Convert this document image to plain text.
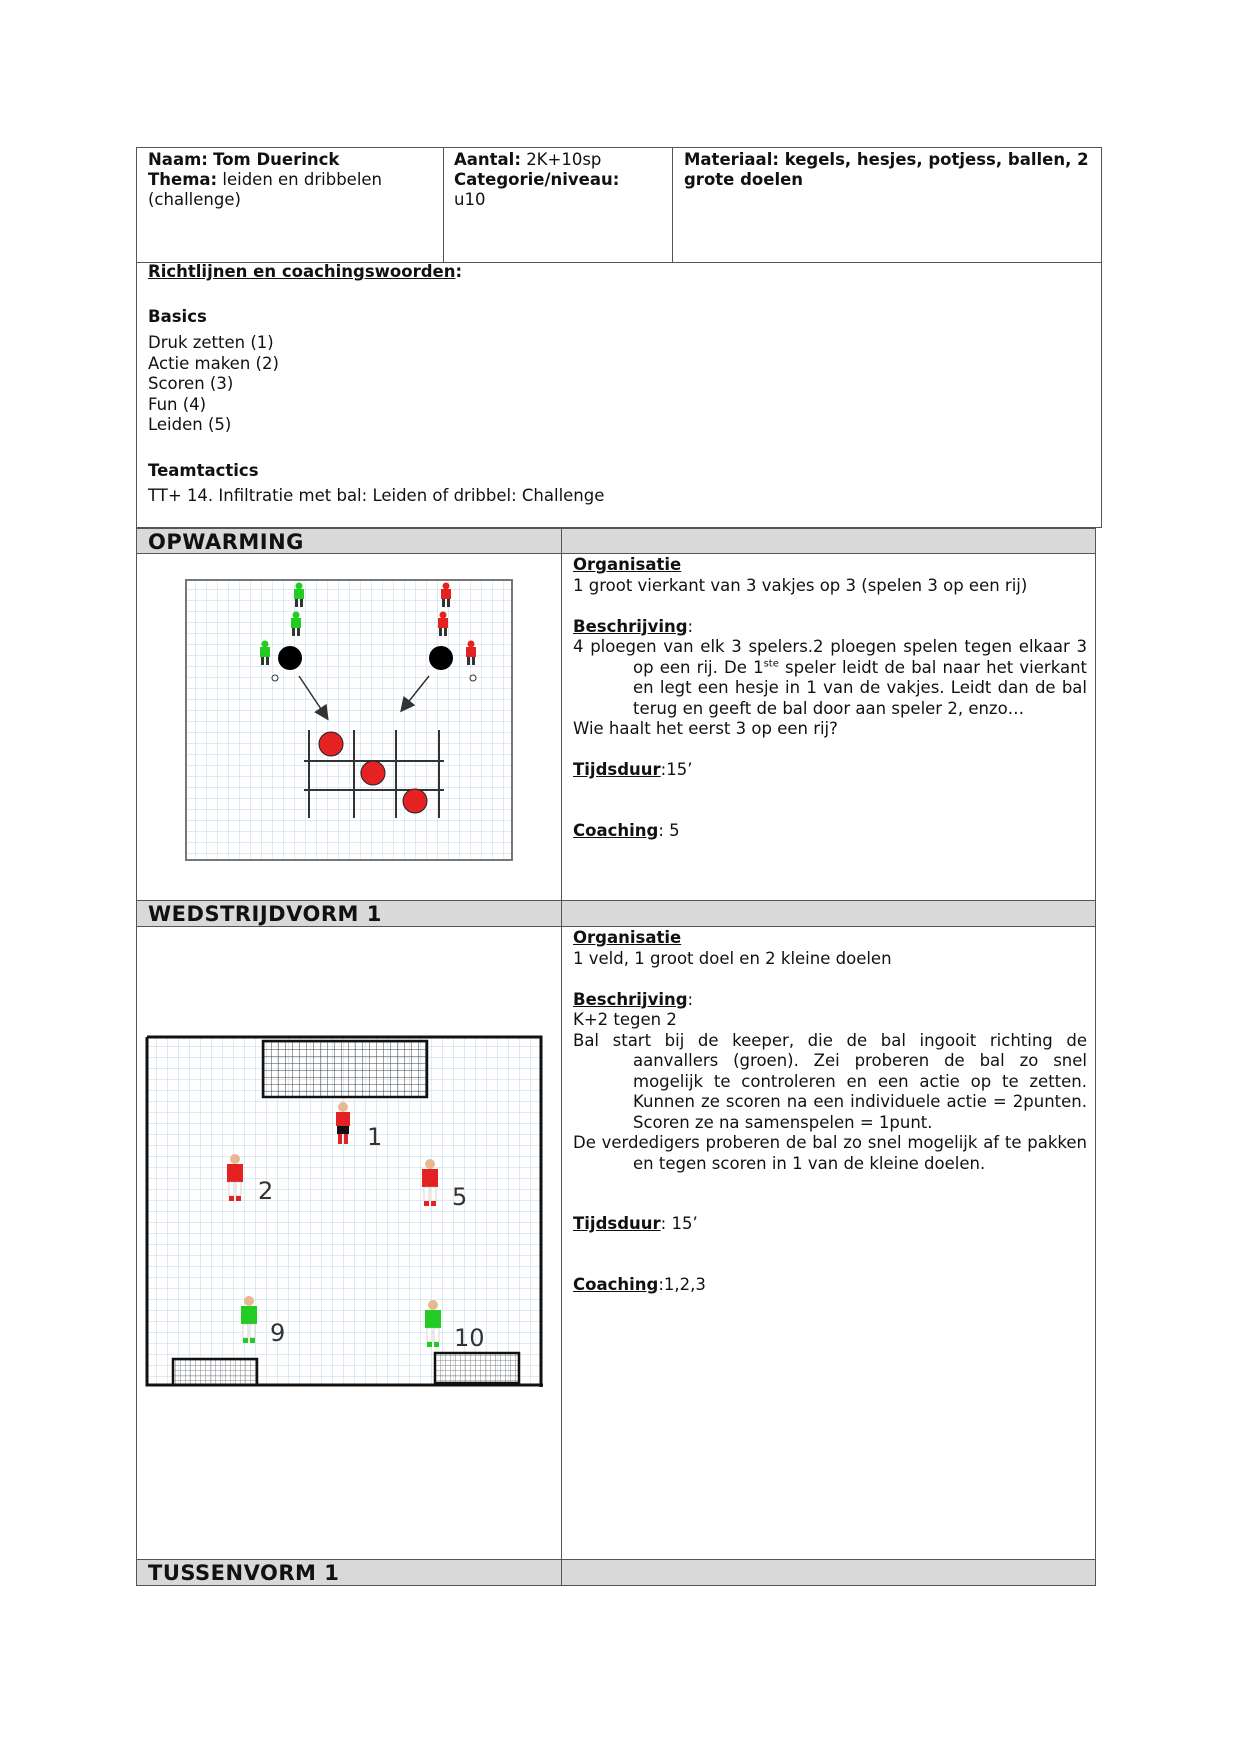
Naam: Tom Duerinck
Thema: leiden en dribbelen
(challenge)
Aantal: 2K+10sp
Categorie/niveau:
u10
Materiaal: kegels, hesjes, potjess, ballen, 2
grote doelen
Richtlijnen en coachingswoorden:
Basics
Druk zetten (1)
Actie maken (2)
Scoren (3)
Fun (4)
Leiden (5)
Teamtactics
TT+ 14. Infiltratie met bal: Leiden of dribbel: Challenge
OPWARMING
WEDSTRIJDVORM 1
TUSSENVORM 1
Organisatie
1 groot vierkant van 3 vakjes op 3 (spelen 3 op een rij)
Beschrijving:
4 ploegen van elk 3 spelers.2 ploegen spelen tegen elkaar 3 op een rij. De 1ste speler leidt de bal naar het vierkant en legt een hesje in 1 van de vakjes. Leidt dan de bal terug en geeft de bal door aan speler 2, enzo…
Wie haalt het eerst 3 op een rij?
Tijdsduur:15’
Coaching: 5
Organisatie
1 veld, 1 groot doel en 2 kleine doelen
Beschrijving:
K+2 tegen 2
Bal start bij de keeper, die de bal ingooit richting de aanvallers (groen). Zei proberen de bal zo snel mogelijk te controleren en een actie op te zetten. Kunnen ze scoren na een individuele actie = 2punten. Scoren ze na samenspelen = 1punt.
De verdedigers proberen de bal zo snel mogelijk af te pakken en tegen scoren in 1 van de kleine doelen.
Tijdsduur: 15’
Coaching:1,2,3
1
2	5
9	10
